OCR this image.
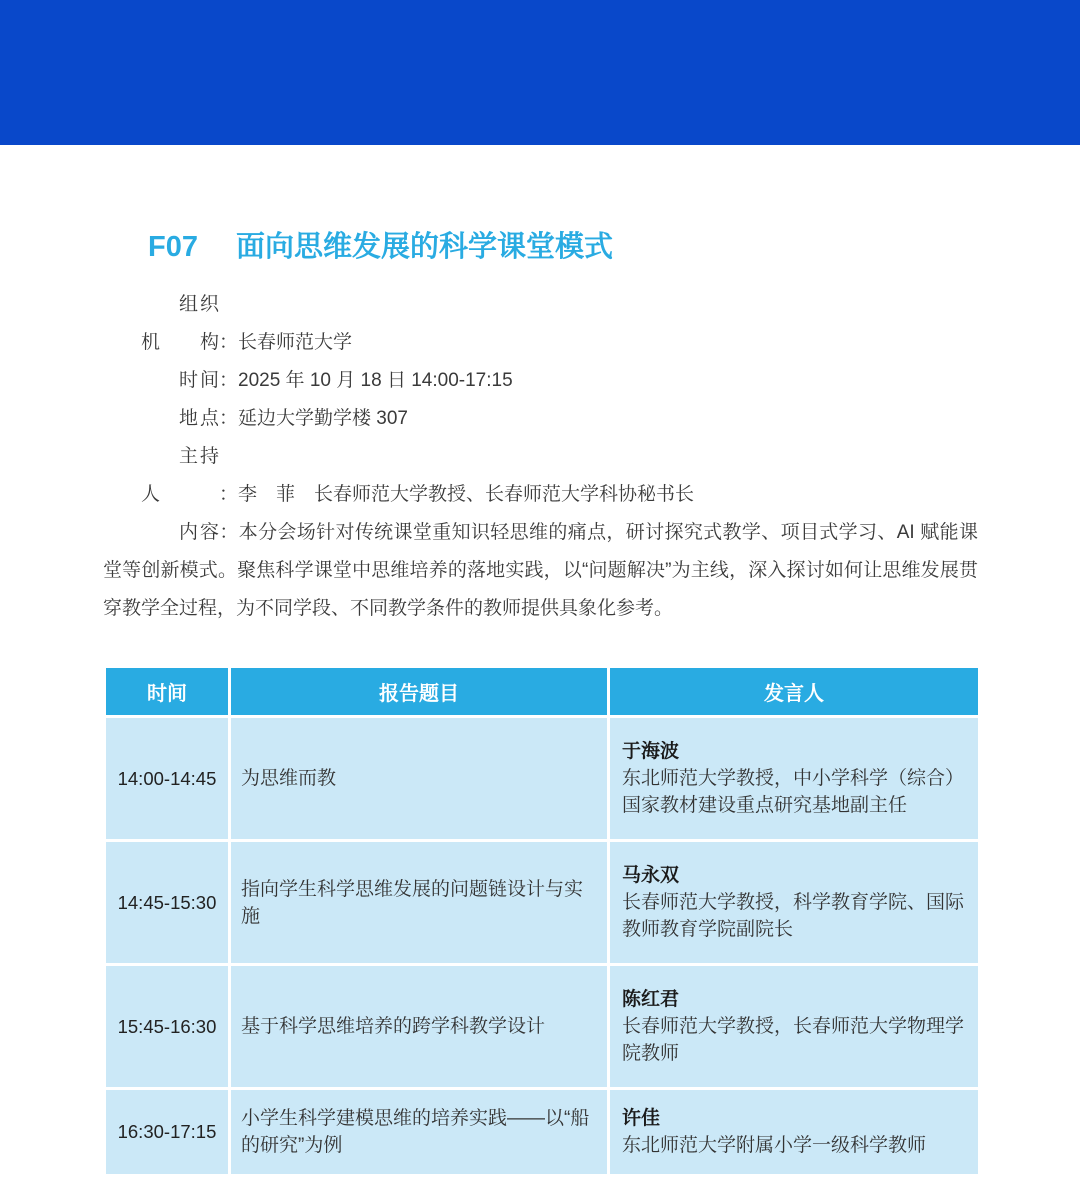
F07 面向思维发展的科学课堂模式

组织机构：长春师范大学

时间：2025 年 10 月 18 日 14:00-17:15

地点：延边大学勤学楼 307

主持人	：李　菲　长春师范大学教授、长春师范大学科协秘书长

内容：本分会场针对传统课堂重知识轻思维的痛点，研讨探究式教学、项目式学习、AI 赋能课堂等创新模式。聚焦科学课堂中思维培养的落地实践，以“问题解决”为主线，深入探讨如何让思维发展贯穿教学全过程，为不同学段、不同教学条件的教师提供具象化参考。

时间	报告题目	发言人
14:00-14:45	为思维而教	于海波
东北师范大学教授，中小学科学（综合）国家教材建设重点研究基地副主任

14:45-15:30	指向学生科学思维发展的问题链设计与实施	马永双
长春师范大学教授，科学教育学院、国际教师教育学院副院长

15:45-16:30	基于科学思维培养的跨学科教学设计	陈红君
长春师范大学教授，长春师范大学物理学院教师

16:30-17:15	小学生科学建模思维的培养实践——以“船的研究”为例	许佳
东北师范大学附属小学一级科学教师
